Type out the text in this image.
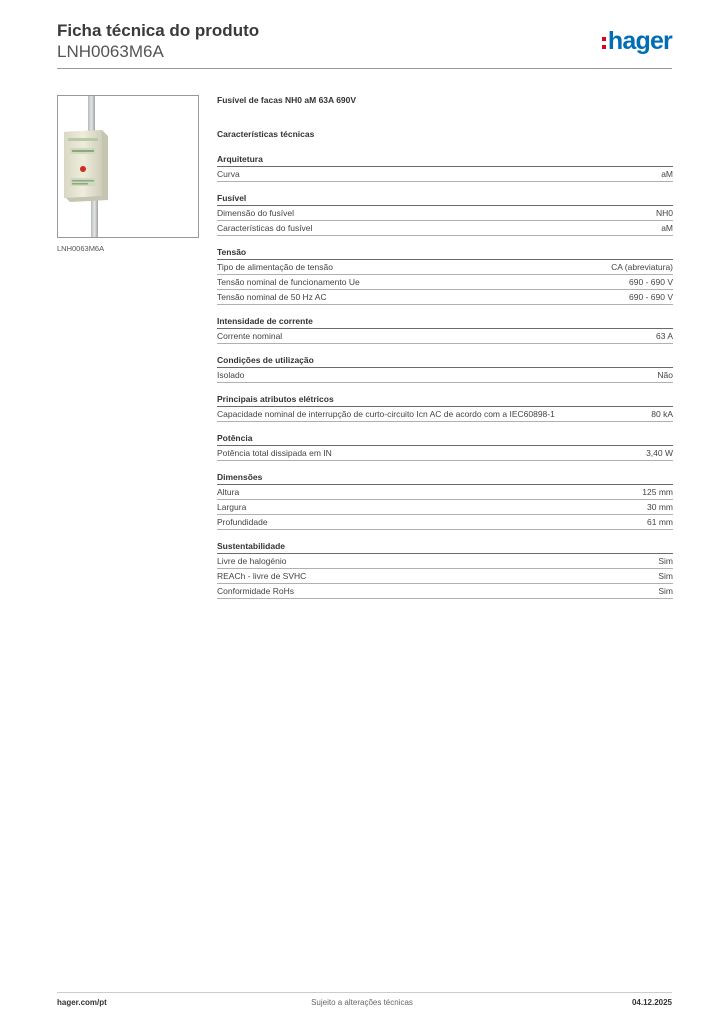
Ficha técnica do produto
LNH0063M6A	hager
LNH0063M6A
Fusível de facas NH0 aM 63A 690V
Características técnicas
Arquitetura
Curva	aM
Fusível
Dimensão do fusível	NH0
Características do fusível	aM
Tensão
Tipo de alimentação de tensão	CA (abreviatura)
Tensão nominal de funcionamento Ue	690 - 690 V
Tensão nominal de 50 Hz AC	690 - 690 V
Intensidade de corrente
Corrente nominal	63 A
Condições de utilização
Isolado	Não
Principais atributos elétricos
Capacidade nominal de interrupção de curto-circuito Icn AC de acordo com a IEC60898-1	80 kA
Potência
Potência total dissipada em IN	3,40 W
Dimensões
Altura	125 mm
Largura	30 mm
Profundidade	61 mm
Sustentabilidade
Livre de halogénio	Sim
REACh - livre de SVHC	Sim
Conformidade RoHs	Sim
hager.com/pt	Sujeito a alterações técnicas	04.12.2025
